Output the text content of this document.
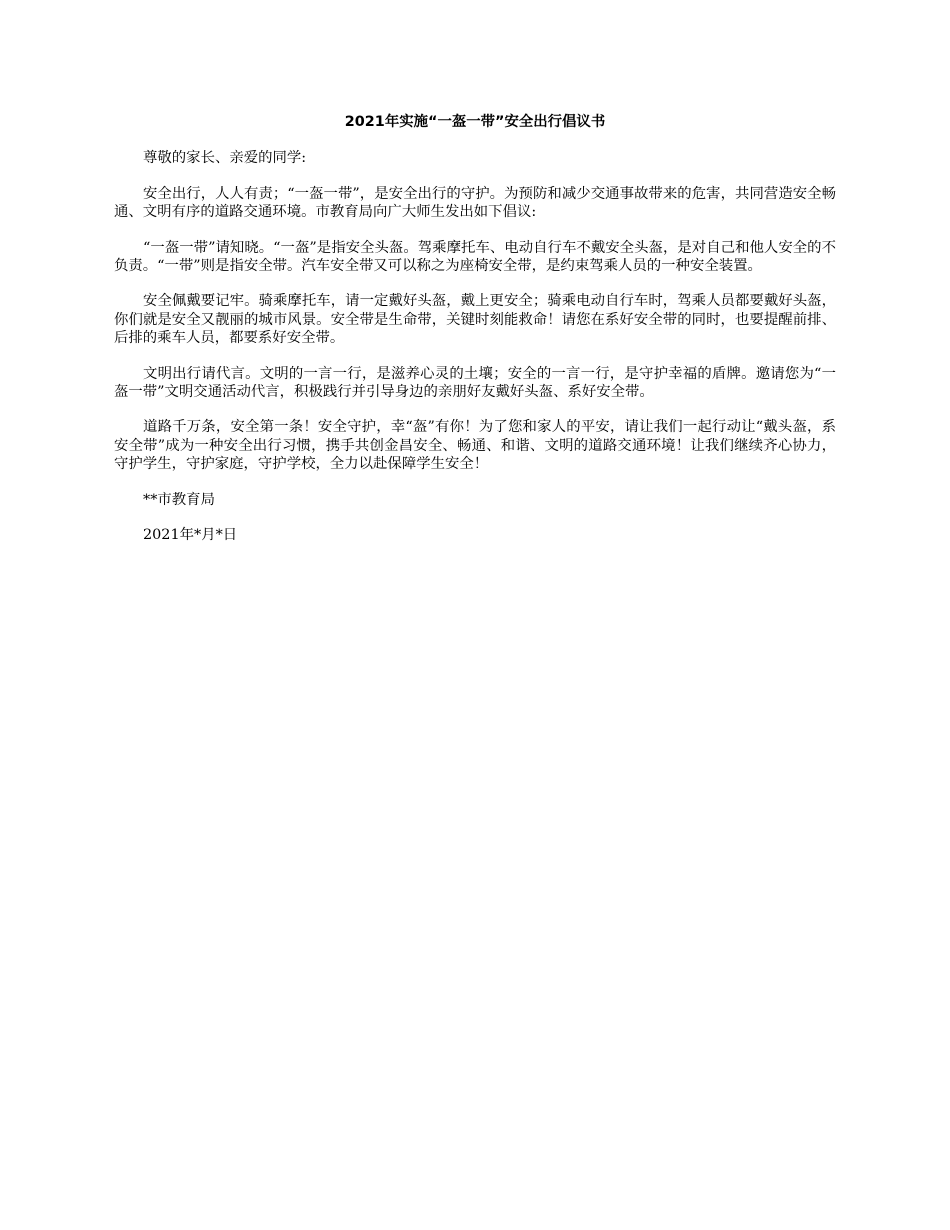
2021年实施“一盔一带”安全出行倡议书
尊敬的家长、亲爱的同学:
安全出行，人人有责；“一盔一带”，是安全出行的守护。为预防和减少交通事故带来的危害，共同营造安全畅通、文明有序的道路交通环境。市教育局向广大师生发出如下倡议:
“一盔一带”请知晓。“一盔”是指安全头盔。驾乘摩托车、电动自行车不戴安全头盔，是对自己和他人安全的不负责。“一带”则是指安全带。汽车安全带又可以称之为座椅安全带，是约束驾乘人员的一种安全装置。
安全佩戴要记牢。骑乘摩托车，请一定戴好头盔，戴上更安全；骑乘电动自行车时，驾乘人员都要戴好头盔，你们就是安全又靓丽的城市风景。安全带是生命带，关键时刻能救命！请您在系好安全带的同时，也要提醒前排、后排的乘车人员，都要系好安全带。
文明出行请代言。文明的一言一行，是滋养心灵的土壤；安全的一言一行，是守护幸福的盾牌。邀请您为“一盔一带”文明交通活动代言，积极践行并引导身边的亲朋好友戴好头盔、系好安全带。
道路千万条，安全第一条！安全守护，幸“盔”有你！为了您和家人的平安，请让我们一起行动让“戴头盔，系安全带”成为一种安全出行习惯，携手共创金昌安全、畅通、和谐、文明的道路交通环境！让我们继续齐心协力，守护学生，守护家庭，守护学校，全力以赴保障学生安全！
**市教育局
2021年*月*日
